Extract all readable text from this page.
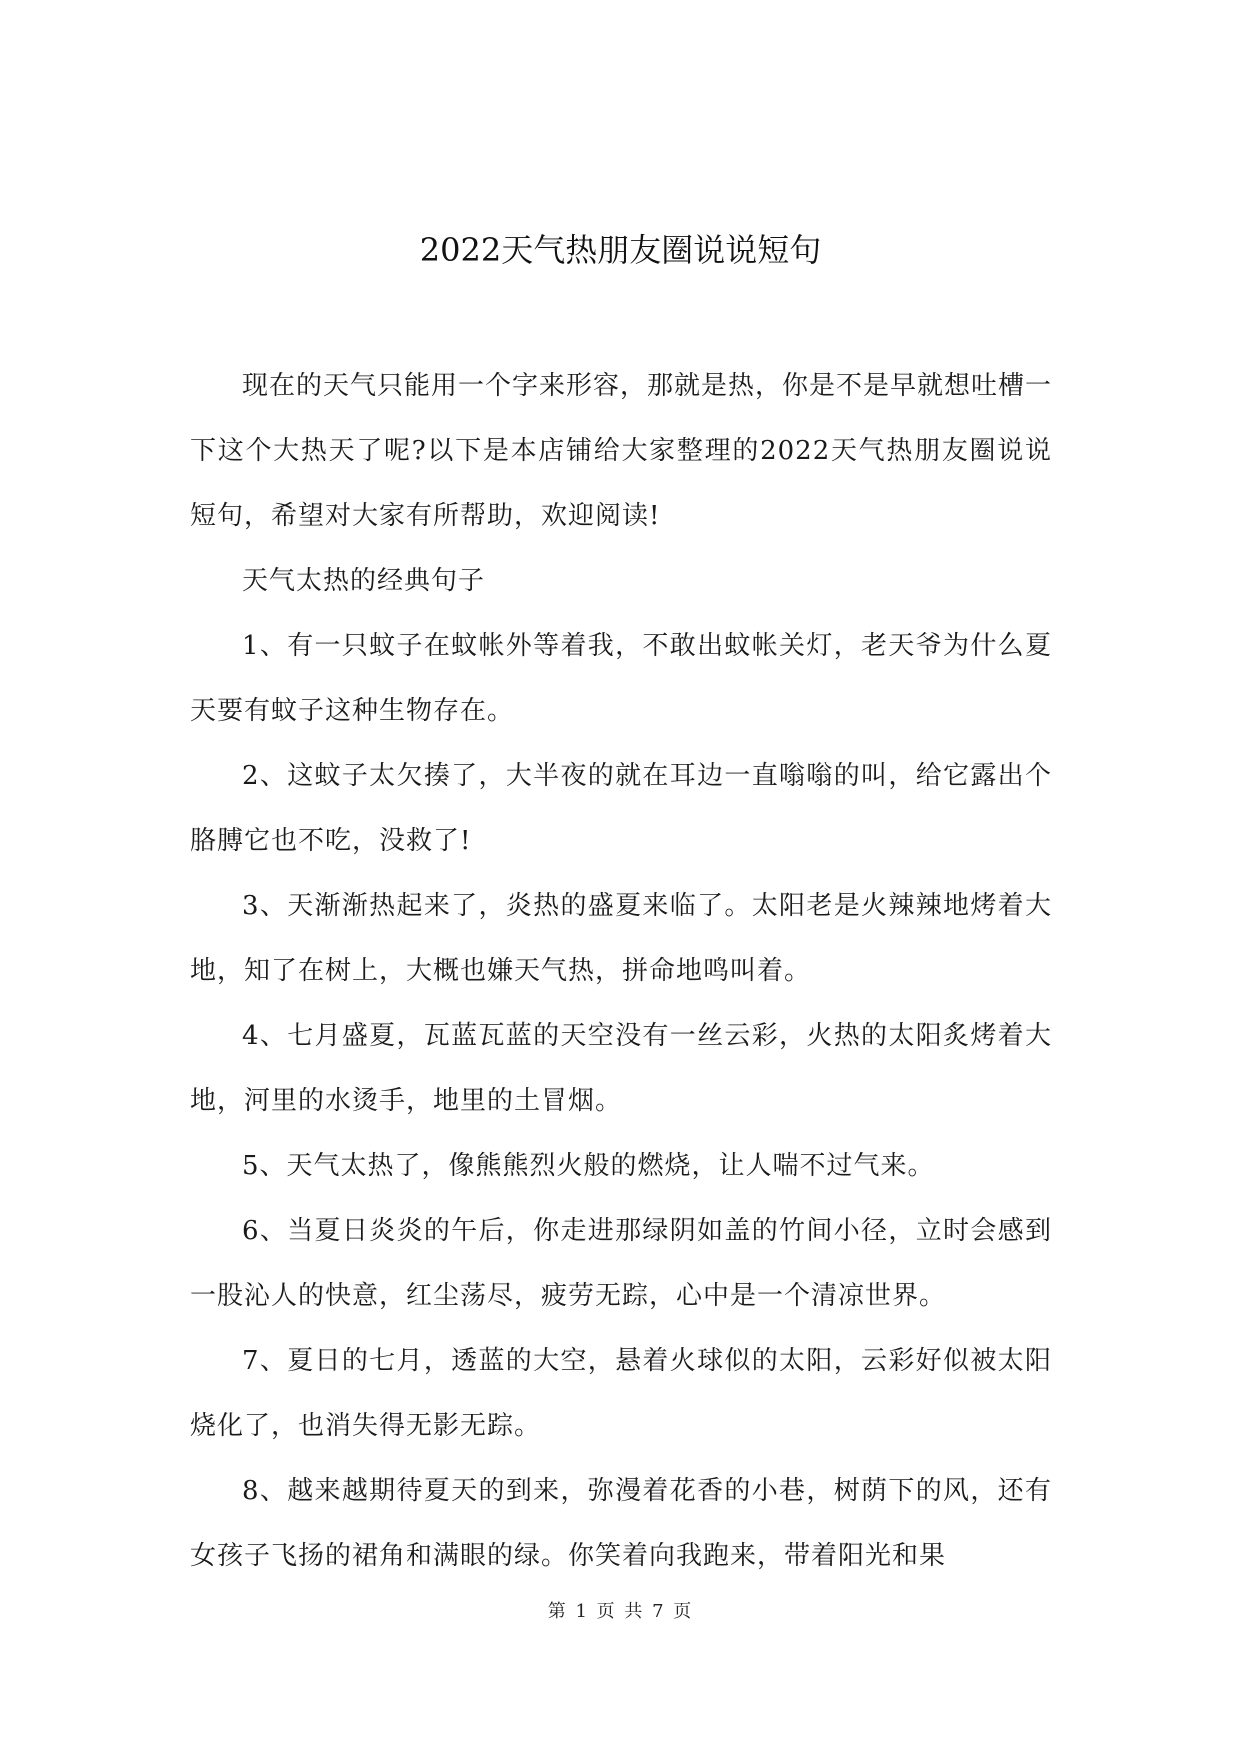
2022天气热朋友圈说说短句

现在的天气只能用一个字来形容，那就是热，你是不是早就想吐槽一下这个大热天了呢?以下是本店铺给大家整理的2022天气热朋友圈说说短句，希望对大家有所帮助，欢迎阅读!

天气太热的经典句子

1、有一只蚊子在蚊帐外等着我，不敢出蚊帐关灯，老天爷为什么夏天要有蚊子这种生物存在。

2、这蚊子太欠揍了，大半夜的就在耳边一直嗡嗡的叫，给它露出个胳膊它也不吃，没救了!

3、天渐渐热起来了，炎热的盛夏来临了。太阳老是火辣辣地烤着大地，知了在树上，大概也嫌天气热，拼命地鸣叫着。

4、七月盛夏，瓦蓝瓦蓝的天空没有一丝云彩，火热的太阳炙烤着大地，河里的水烫手，地里的土冒烟。

5、天气太热了，像熊熊烈火般的燃烧，让人喘不过气来。

6、当夏日炎炎的午后，你走进那绿阴如盖的竹间小径，立时会感到一股沁人的快意，红尘荡尽，疲劳无踪，心中是一个清凉世界。

7、夏日的七月，透蓝的大空，悬着火球似的太阳，云彩好似被太阳烧化了，也消失得无影无踪。

8、越来越期待夏天的到来，弥漫着花香的小巷，树荫下的风，还有女孩子飞扬的裙角和满眼的绿。你笑着向我跑来，带着阳光和果

第 1 页 共 7 页
